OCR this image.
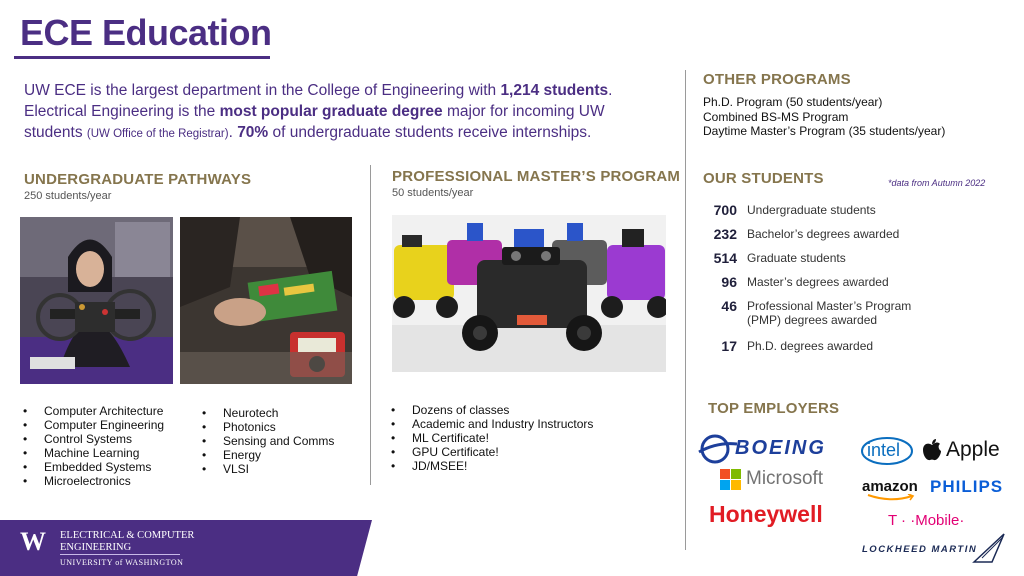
ECE Education
UW ECE is the largest department in the College of Engineering with 1,214 students. Electrical Engineering is the most popular graduate degree major for incoming UW students (UW Office of the Registrar). 70% of undergraduate students receive internships.
UNDERGRADUATE PATHWAYS
250 students/year
• Computer Architecture
• Computer Engineering
• Control Systems
• Machine Learning
• Embedded Systems
• Microelectronics
• Neurotech
• Photonics
• Sensing and Comms
• Energy
• VLSI
PROFESSIONAL MASTER’S PROGRAM
50 students/year
• Dozens of classes
• Academic and Industry Instructors
• ML Certificate!
• GPU Certificate!
• JD/MSEE!
OTHER PROGRAMS
Ph.D. Program (50 students/year)
Combined BS-MS Program
Daytime Master’s Program (35 students/year)
OUR STUDENTS	*data from Autumn 2022
700 Undergraduate students
232 Bachelor’s degrees awarded
514 Graduate students
96 Master’s degrees awarded
46 Professional Master’s Program
(PMP) degrees awarded
17 Ph.D. degrees awarded
TOP EMPLOYERS
BOEING intel Apple
Microsoft	amazon PHILIPS
Honeywell	T · ·Mobile·
LOCKHEED MARTIN
W ELECTRICAL & COMPUTER
ENGINEERING
UNIVERSITY of WASHINGTON
